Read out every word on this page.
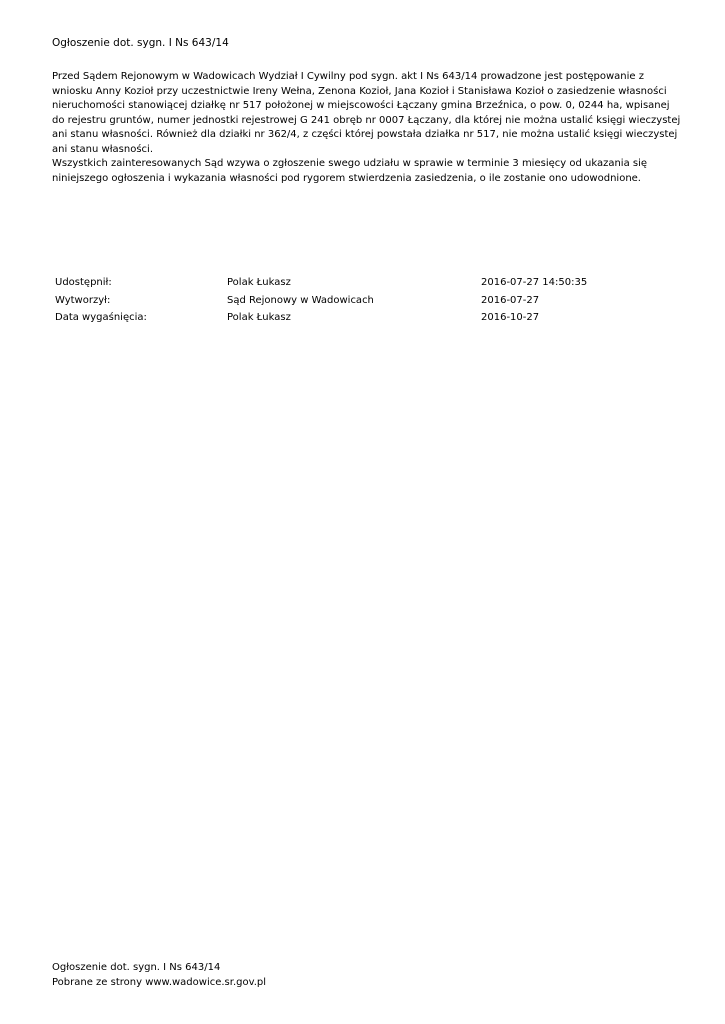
Ogłoszenie dot. sygn. I Ns 643/14
Przed Sądem Rejonowym w Wadowicach Wydział I Cywilny pod sygn. akt I Ns 643/14 prowadzone jest postępowanie z
wniosku Anny Kozioł przy uczestnictwie Ireny Wełna, Zenona Kozioł, Jana Kozioł i Stanisława Kozioł o zasiedzenie własności
nieruchomości stanowiącej działkę nr 517 położonej w miejscowości Łączany gmina Brzeźnica, o pow. 0, 0244 ha, wpisanej
do rejestru gruntów, numer jednostki rejestrowej G 241 obręb nr 0007 Łączany, dla której nie można ustalić księgi wieczystej
ani stanu własności. Również dla działki nr 362/4, z części której powstała działka nr 517, nie można ustalić księgi wieczystej
ani stanu własności.
Wszystkich zainteresowanych Sąd wzywa o zgłoszenie swego udziału w sprawie w terminie 3 miesięcy od ukazania się
niniejszego ogłoszenia i wykazania własności pod rygorem stwierdzenia zasiedzenia, o ile zostanie ono udowodnione.
Udostępnił:	Polak Łukasz	2016-07-27 14:50:35
Wytworzył:	Sąd Rejonowy w Wadowicach	2016-07-27
Data wygaśnięcia:	Polak Łukasz	2016-10-27
Ogłoszenie dot. sygn. I Ns 643/14
Pobrane ze strony www.wadowice.sr.gov.pl
